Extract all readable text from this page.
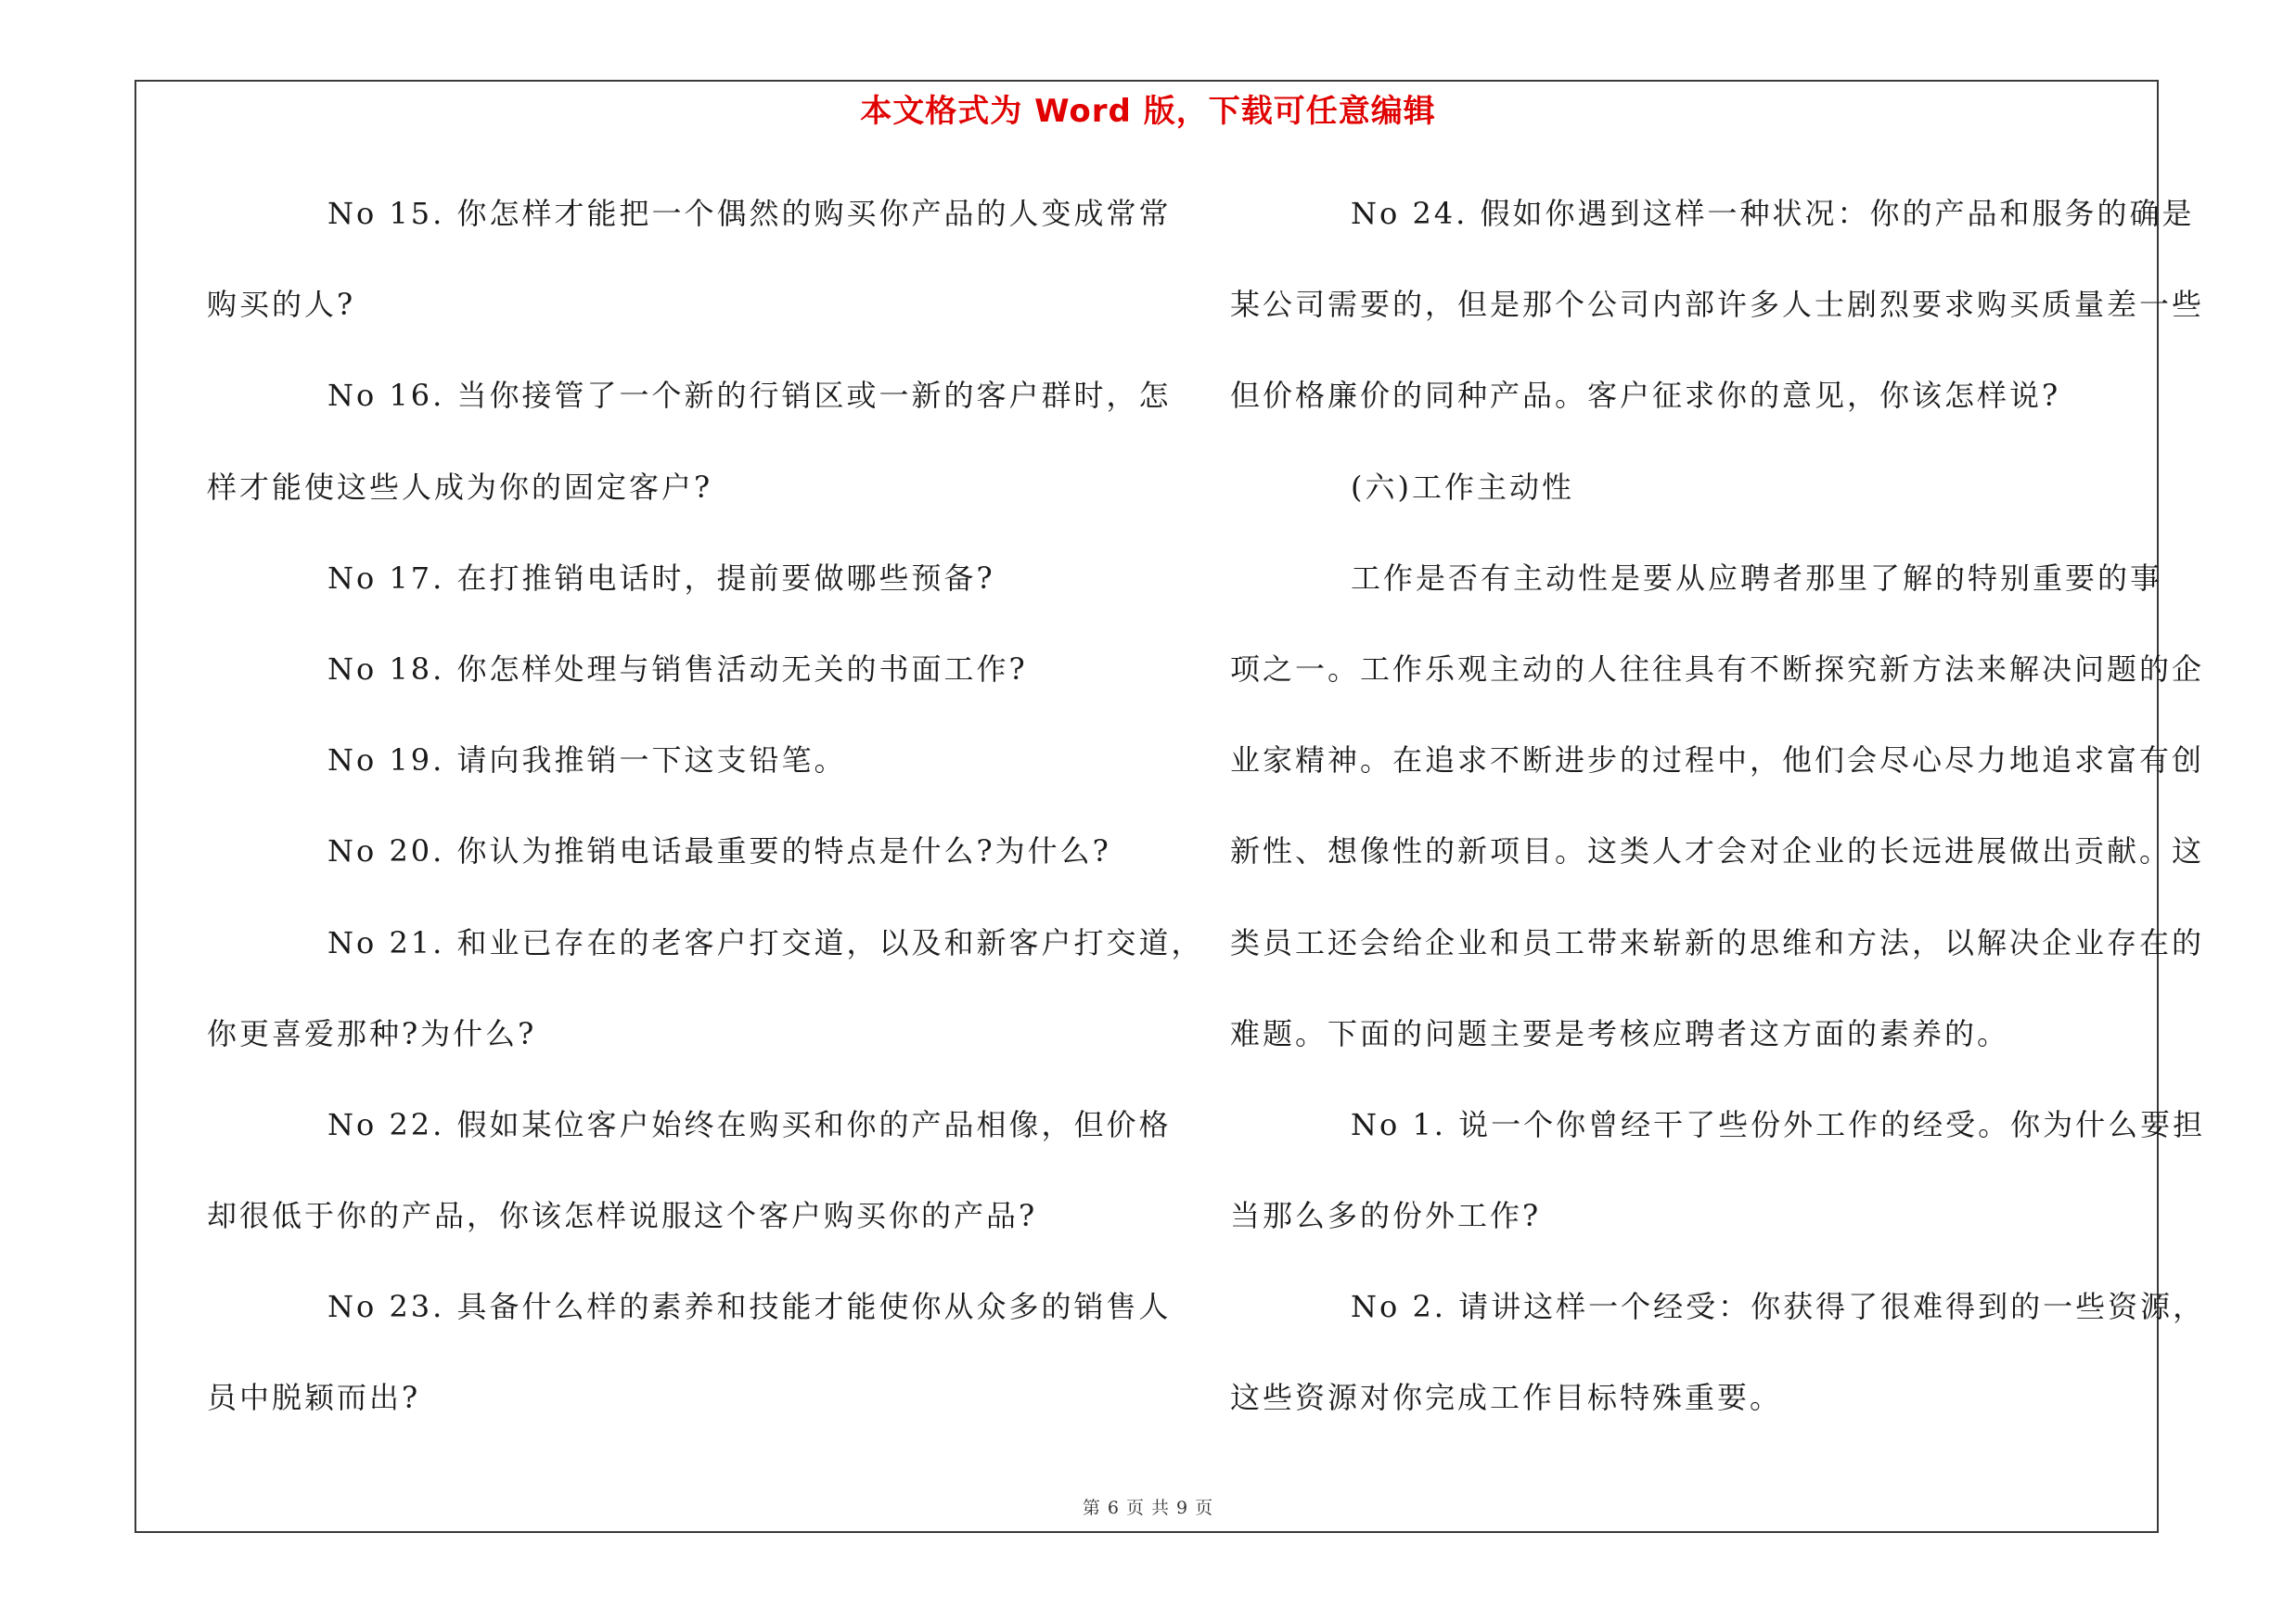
本文格式为 Word 版，下载可任意编辑
No 15. 你怎样才能把一个偶然的购买你产品的人变成常常
购买的人?
No 16. 当你接管了一个新的行销区或一新的客户群时，怎
样才能使这些人成为你的固定客户?
No 17. 在打推销电话时，提前要做哪些预备?
No 18. 你怎样处理与销售活动无关的书面工作?
No 19. 请向我推销一下这支铅笔。
No 20. 你认为推销电话最重要的特点是什么?为什么?
No 21. 和业已存在的老客户打交道，以及和新客户打交道，
你更喜爱那种?为什么?
No 22. 假如某位客户始终在购买和你的产品相像，但价格
却很低于你的产品，你该怎样说服这个客户购买你的产品?
No 23. 具备什么样的素养和技能才能使你从众多的销售人
员中脱颖而出?
No 24. 假如你遇到这样一种状况：你的产品和服务的确是
某公司需要的，但是那个公司内部许多人士剧烈要求购买质量差一些
但价格廉价的同种产品。客户征求你的意见，你该怎样说?
(六)工作主动性
工作是否有主动性是要从应聘者那里了解的特别重要的事
项之一。工作乐观主动的人往往具有不断探究新方法来解决问题的企
业家精神。在追求不断进步的过程中，他们会尽心尽力地追求富有创
新性、想像性的新项目。这类人才会对企业的长远进展做出贡献。这
类员工还会给企业和员工带来崭新的思维和方法，以解决企业存在的
难题。下面的问题主要是考核应聘者这方面的素养的。
No 1. 说一个你曾经干了些份外工作的经受。你为什么要担
当那么多的份外工作?
No 2. 请讲这样一个经受：你获得了很难得到的一些资源，
这些资源对你完成工作目标特殊重要。
第 6 页 共 9 页
